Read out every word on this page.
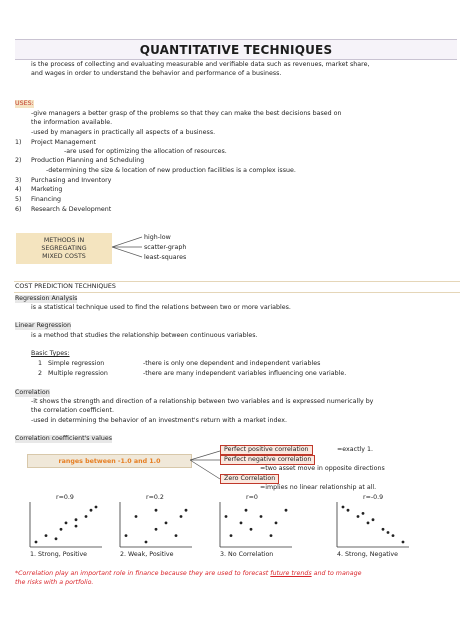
QUANTITATIVE TECHNIQUES
is the process of collecting and evaluating measurable and verifiable data such as revenues, market share,
and wages in order to understand the behavior and performance of a business.
USES:
-give managers a better grasp of the problems so that they can make the best decisions based on
the information available.
-used by managers in practically all aspects of a business.
1) Project Management
-are used for optimizing the allocation of resources.
2) Production Planning and Scheduling
-determining the size & location of new production facilities is a complex issue.
3) Purchasing and Inventory
4) Marketing
5) Financing
6) Research & Development
METHODS IN
SEGREGATING
MIXED COSTS
high-low
scatter-graph
least-squares
COST PREDICTION TECHNIQUES
Regression Analysis
is a statistical technique used to find the relations between two or more variables.
Linear Regression
is a method that studies the relationship between continuous variables.
Basic Types:
1 Simple regression	-there is only one dependent and independent variables
2 Multiple regression	-there are many independent variables influencing one variable.
Correlation
-it shows the strength and direction of a relationship between two variables and is expressed numerically by
the correlation coefficient.
-used in determining the behavior of an investment's return with a market index.
Correlation coefficient's values
ranges between -1.0 and 1.0
Perfect positive correlation	=exactly 1.
Perfect negative correlation
=two asset move in opposite directions
Zero Correlation
=implies no linear relationship at all.
r=0.9
1. Strong, Positive
r=0.2
2. Weak, Positive
r=0
3. No Correlation
r=-0.9
4. Strong, Negative
*Correlation play an important role in finance because they are used to forecast future trends and to manage
the risks with a portfolio.
